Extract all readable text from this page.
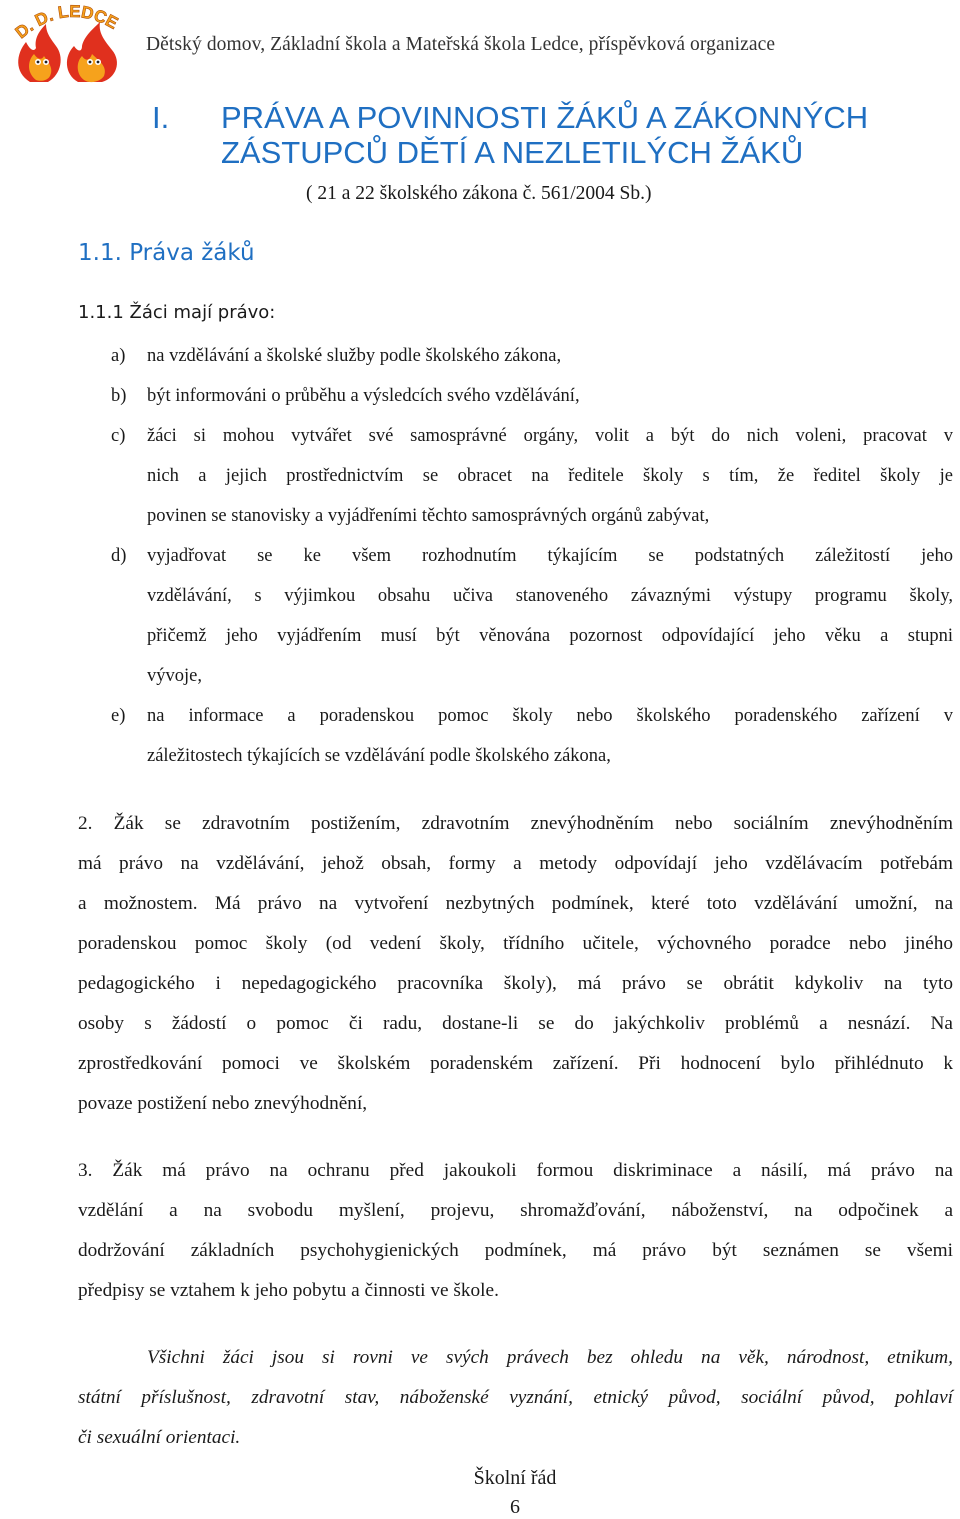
D. D. LEDCE
Dětský domov, Základní škola a Mateřská škola Ledce, příspěvková organizace
I. PRÁVA A POVINNOSTI ŽÁKŮ A ZÁKONNÝCH
ZÁSTUPCŮ DĚTÍ A NEZLETILÝCH ŽÁKŮ
( 21 a 22 školského zákona č. 561/2004 Sb.)
1.1. Práva žáků
1.1.1 Žáci mají právo:
a) na vzdělávání a školské služby podle školského zákona,
b) být informováni o průběhu a výsledcích svého vzdělávání,
c) žáci si mohou vytvářet své samosprávné orgány, volit a být do nich voleni, pracovat v
nich a jejich prostřednictvím se obracet na ředitele školy s tím, že ředitel školy je
povinen se stanovisky a vyjádřeními těchto samosprávných orgánů zabývat,
d) vyjadřovat se ke všem rozhodnutím týkajícím se podstatných záležitostí jeho
vzdělávání, s výjimkou obsahu učiva stanoveného závaznými výstupy programu školy,
přičemž jeho vyjádřením musí být věnována pozornost odpovídající jeho věku a stupni
vývoje,
e) na informace a poradenskou pomoc školy nebo školského poradenského zařízení v
záležitostech týkajících se vzdělávání podle školského zákona,
2. Žák se zdravotním postižením, zdravotním znevýhodněním nebo sociálním znevýhodněním
má právo na vzdělávání, jehož obsah, formy a metody odpovídají jeho vzdělávacím potřebám
a možnostem. Má právo na vytvoření nezbytných podmínek, které toto vzdělávání umožní, na
poradenskou pomoc školy (od vedení školy, třídního učitele, výchovného poradce nebo jiného
pedagogického i nepedagogického pracovníka školy), má právo se obrátit kdykoliv na tyto
osoby s žádostí o pomoc či radu, dostane-li se do jakýchkoliv problémů a nesnází. Na
zprostředkování pomoci ve školském poradenském zařízení. Při hodnocení bylo přihlédnuto k
povaze postižení nebo znevýhodnění,
3. Žák má právo na ochranu před jakoukoli formou diskriminace a násilí, má právo na
vzdělání a na svobodu myšlení, projevu, shromažďování, náboženství, na odpočinek a
dodržování základních psychohygienických podmínek, má právo být seznámen se všemi
předpisy se vztahem k jeho pobytu a činnosti ve škole.
Všichni žáci jsou si rovni ve svých právech bez ohledu na věk, národnost, etnikum,
státní příslušnost, zdravotní stav, náboženské vyznání, etnický původ, sociální původ, pohlaví
či sexuální orientaci.
Školní řád
6
